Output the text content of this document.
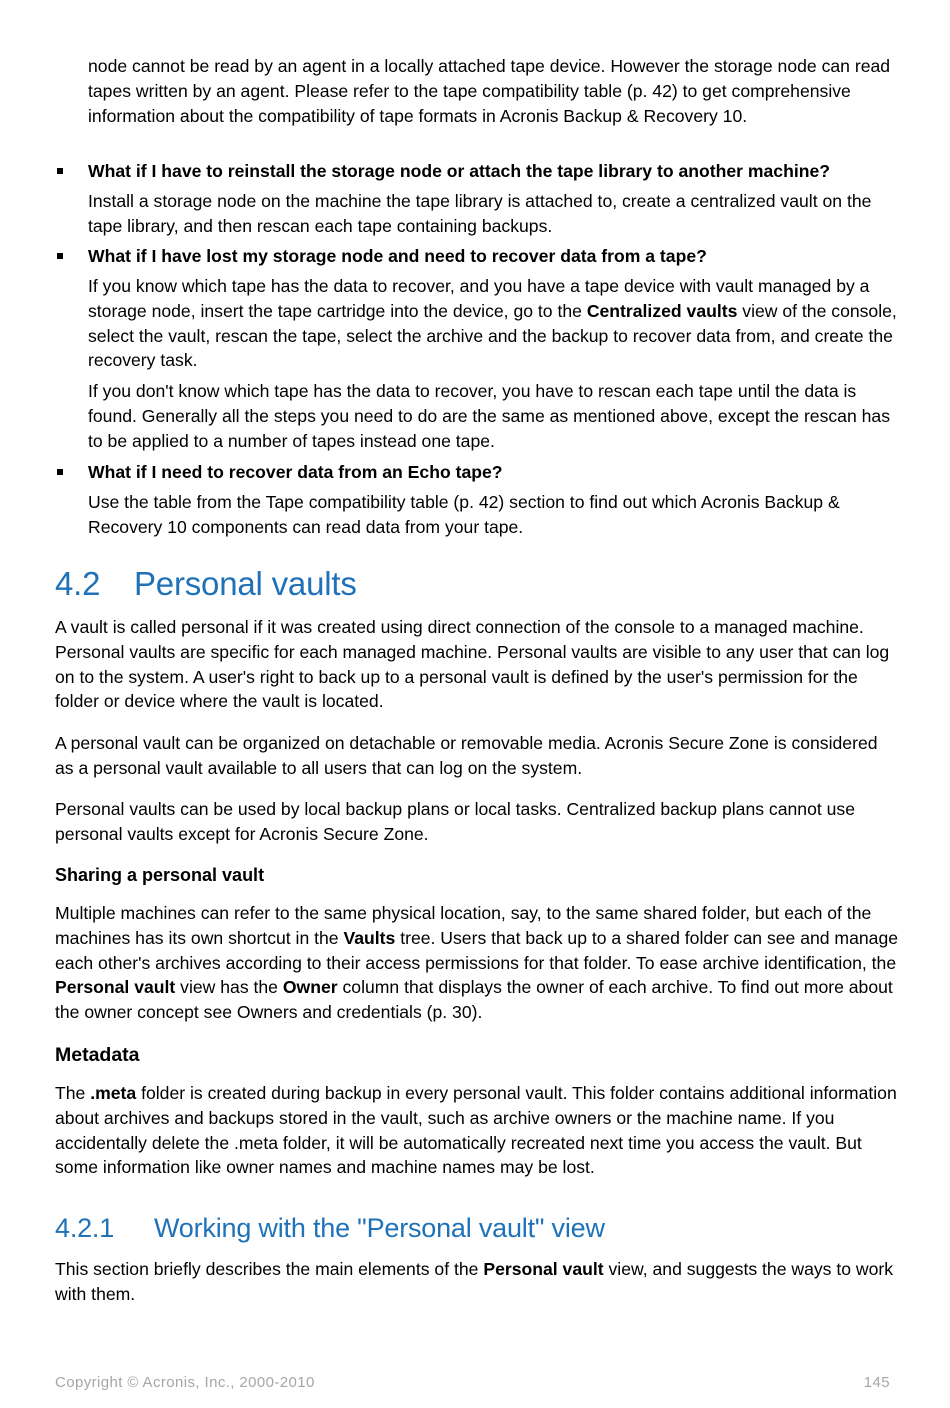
node cannot be read by an agent in a locally attached tape device. However the storage node can read tapes written by an agent. Please refer to the tape compatibility table (p. 42) to get comprehensive information about the compatibility of tape formats in Acronis Backup & Recovery 10.

What if I have to reinstall the storage node or attach the tape library to another machine?

Install a storage node on the machine the tape library is attached to, create a centralized vault on the tape library, and then rescan each tape containing backups.

What if I have lost my storage node and need to recover data from a tape?

If you know which tape has the data to recover, and you have a tape device with vault managed by a storage node, insert the tape cartridge into the device, go to the Centralized vaults view of the console, select the vault, rescan the tape, select the archive and the backup to recover data from, and create the recovery task.

If you don't know which tape has the data to recover, you have to rescan each tape until the data is found. Generally all the steps you need to do are the same as mentioned above, except the rescan has to be applied to a number of tapes instead one tape.

What if I need to recover data from an Echo tape?

Use the table from the Tape compatibility table (p. 42) section to find out which Acronis Backup & Recovery 10 components can read data from your tape.

4.2 Personal vaults

A vault is called personal if it was created using direct connection of the console to a managed machine. Personal vaults are specific for each managed machine. Personal vaults are visible to any user that can log on to the system. A user's right to back up to a personal vault is defined by the user's permission for the folder or device where the vault is located.

A personal vault can be organized on detachable or removable media. Acronis Secure Zone is considered as a personal vault available to all users that can log on the system.

Personal vaults can be used by local backup plans or local tasks. Centralized backup plans cannot use personal vaults except for Acronis Secure Zone.

Sharing a personal vault

Multiple machines can refer to the same physical location, say, to the same shared folder, but each of the machines has its own shortcut in the Vaults tree. Users that back up to a shared folder can see and manage each other's archives according to their access permissions for that folder. To ease archive identification, the Personal vault view has the Owner column that displays the owner of each archive. To find out more about the owner concept see Owners and credentials (p. 30).

Metadata

The .meta folder is created during backup in every personal vault. This folder contains additional information about archives and backups stored in the vault, such as archive owners or the machine name. If you accidentally delete the .meta folder, it will be automatically recreated next time you access the vault. But some information like owner names and machine names may be lost.

4.2.1 Working with the "Personal vault" view

This section briefly describes the main elements of the Personal vault view, and suggests the ways to work with them.

Copyright © Acronis, Inc., 2000-2010	145
